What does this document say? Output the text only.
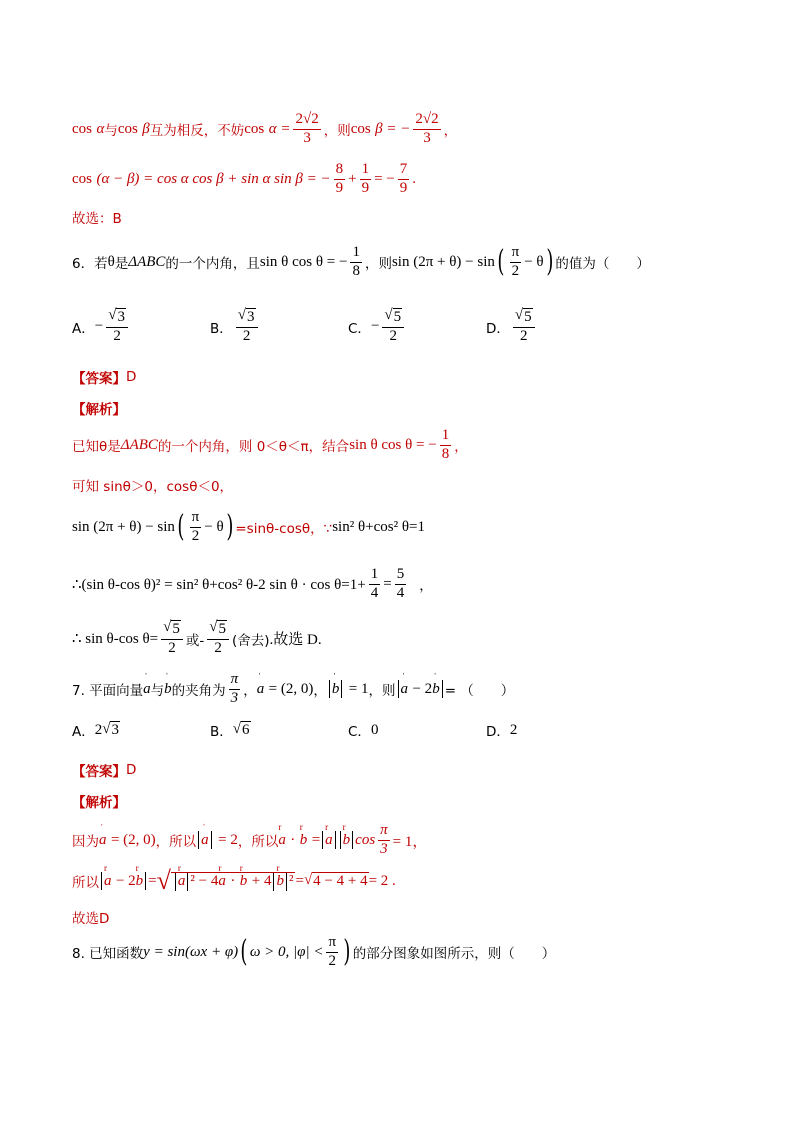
cos
α 与 cos
β 互为相反，不妨 cos
$\alpha = \frac{2√2}{3}$ ，则 cos
β = − $\frac{2√2}{3}$ ，
cos
(α − β) = cos α cos β + sin α sin β = − $\frac{8}{9} + \frac{1}{9}$ = − $\frac{7}{9}$ .
故选：B
6．若 θ 是 ΔABC 的一个内角，且 sin θ cos θ = − $\frac{1}{8}$ ，则 sin (2π + θ) − sin ( $\frac{\pi}{2} - \theta$ ) 的值为（　　）
A． − $\frac{√ 3}{2}$	B． $\frac{√ 3}{2}$	C． − $\frac{√ 5}{2}$	D． $\frac{√ 5}{2}$
【答案】 D
【解析】
已知θ是 ΔABC 的一个内角，则 0＜θ＜π，结合 sin θ cos θ = − $\frac{1}{8}$ ，
可知 sinθ＞0，cosθ＜0，
sin (2π + θ) − sin ( $\frac{\pi}{2} - \theta$ ) =sinθ-cosθ，∵ sin² θ+cos² θ=1
∴(sin θ-cos θ)² = sin² θ+cos² θ-2 $\sin \theta \cdot \cos \theta=1+ \frac{1}{4} = \frac{5}{4}$ ，
∴ sin θ-cos $\theta= \frac{√ 5}{2}$ 或- $\frac{√ 5}{2}$ (舍去) .故选 D.
7. 平面向量 ˈ a 与 ˈ b 的夹角为 $\frac{\pi}{3}$ ， ˈ a
= (2, 0) ， ˈ b
= 1 ，则 ˈ a
− 2 ˈ b = （　　）
A． 2 √ 3	B． √ 6	C． 0	D． 2
【答案】 D
【解析】
因为 ˈ a
= (2, 0) ，所以 ˈ a
= 2 ，所以 r a
·
r b
= r a r b $\cos \frac{\pi}{3} = 1$，
所以 r a
− 2 r b = √ r a ² − 4 r a
·
r b
+ 4 r b ² = √ 4 − 4 + 4 = 2 .
故选D
8. 已知函数 y = sin(ωx + φ) ( ω > 0, $|\varphi| < \frac{\pi}{2}$ ) 的部分图象如图所示，则（　　）
